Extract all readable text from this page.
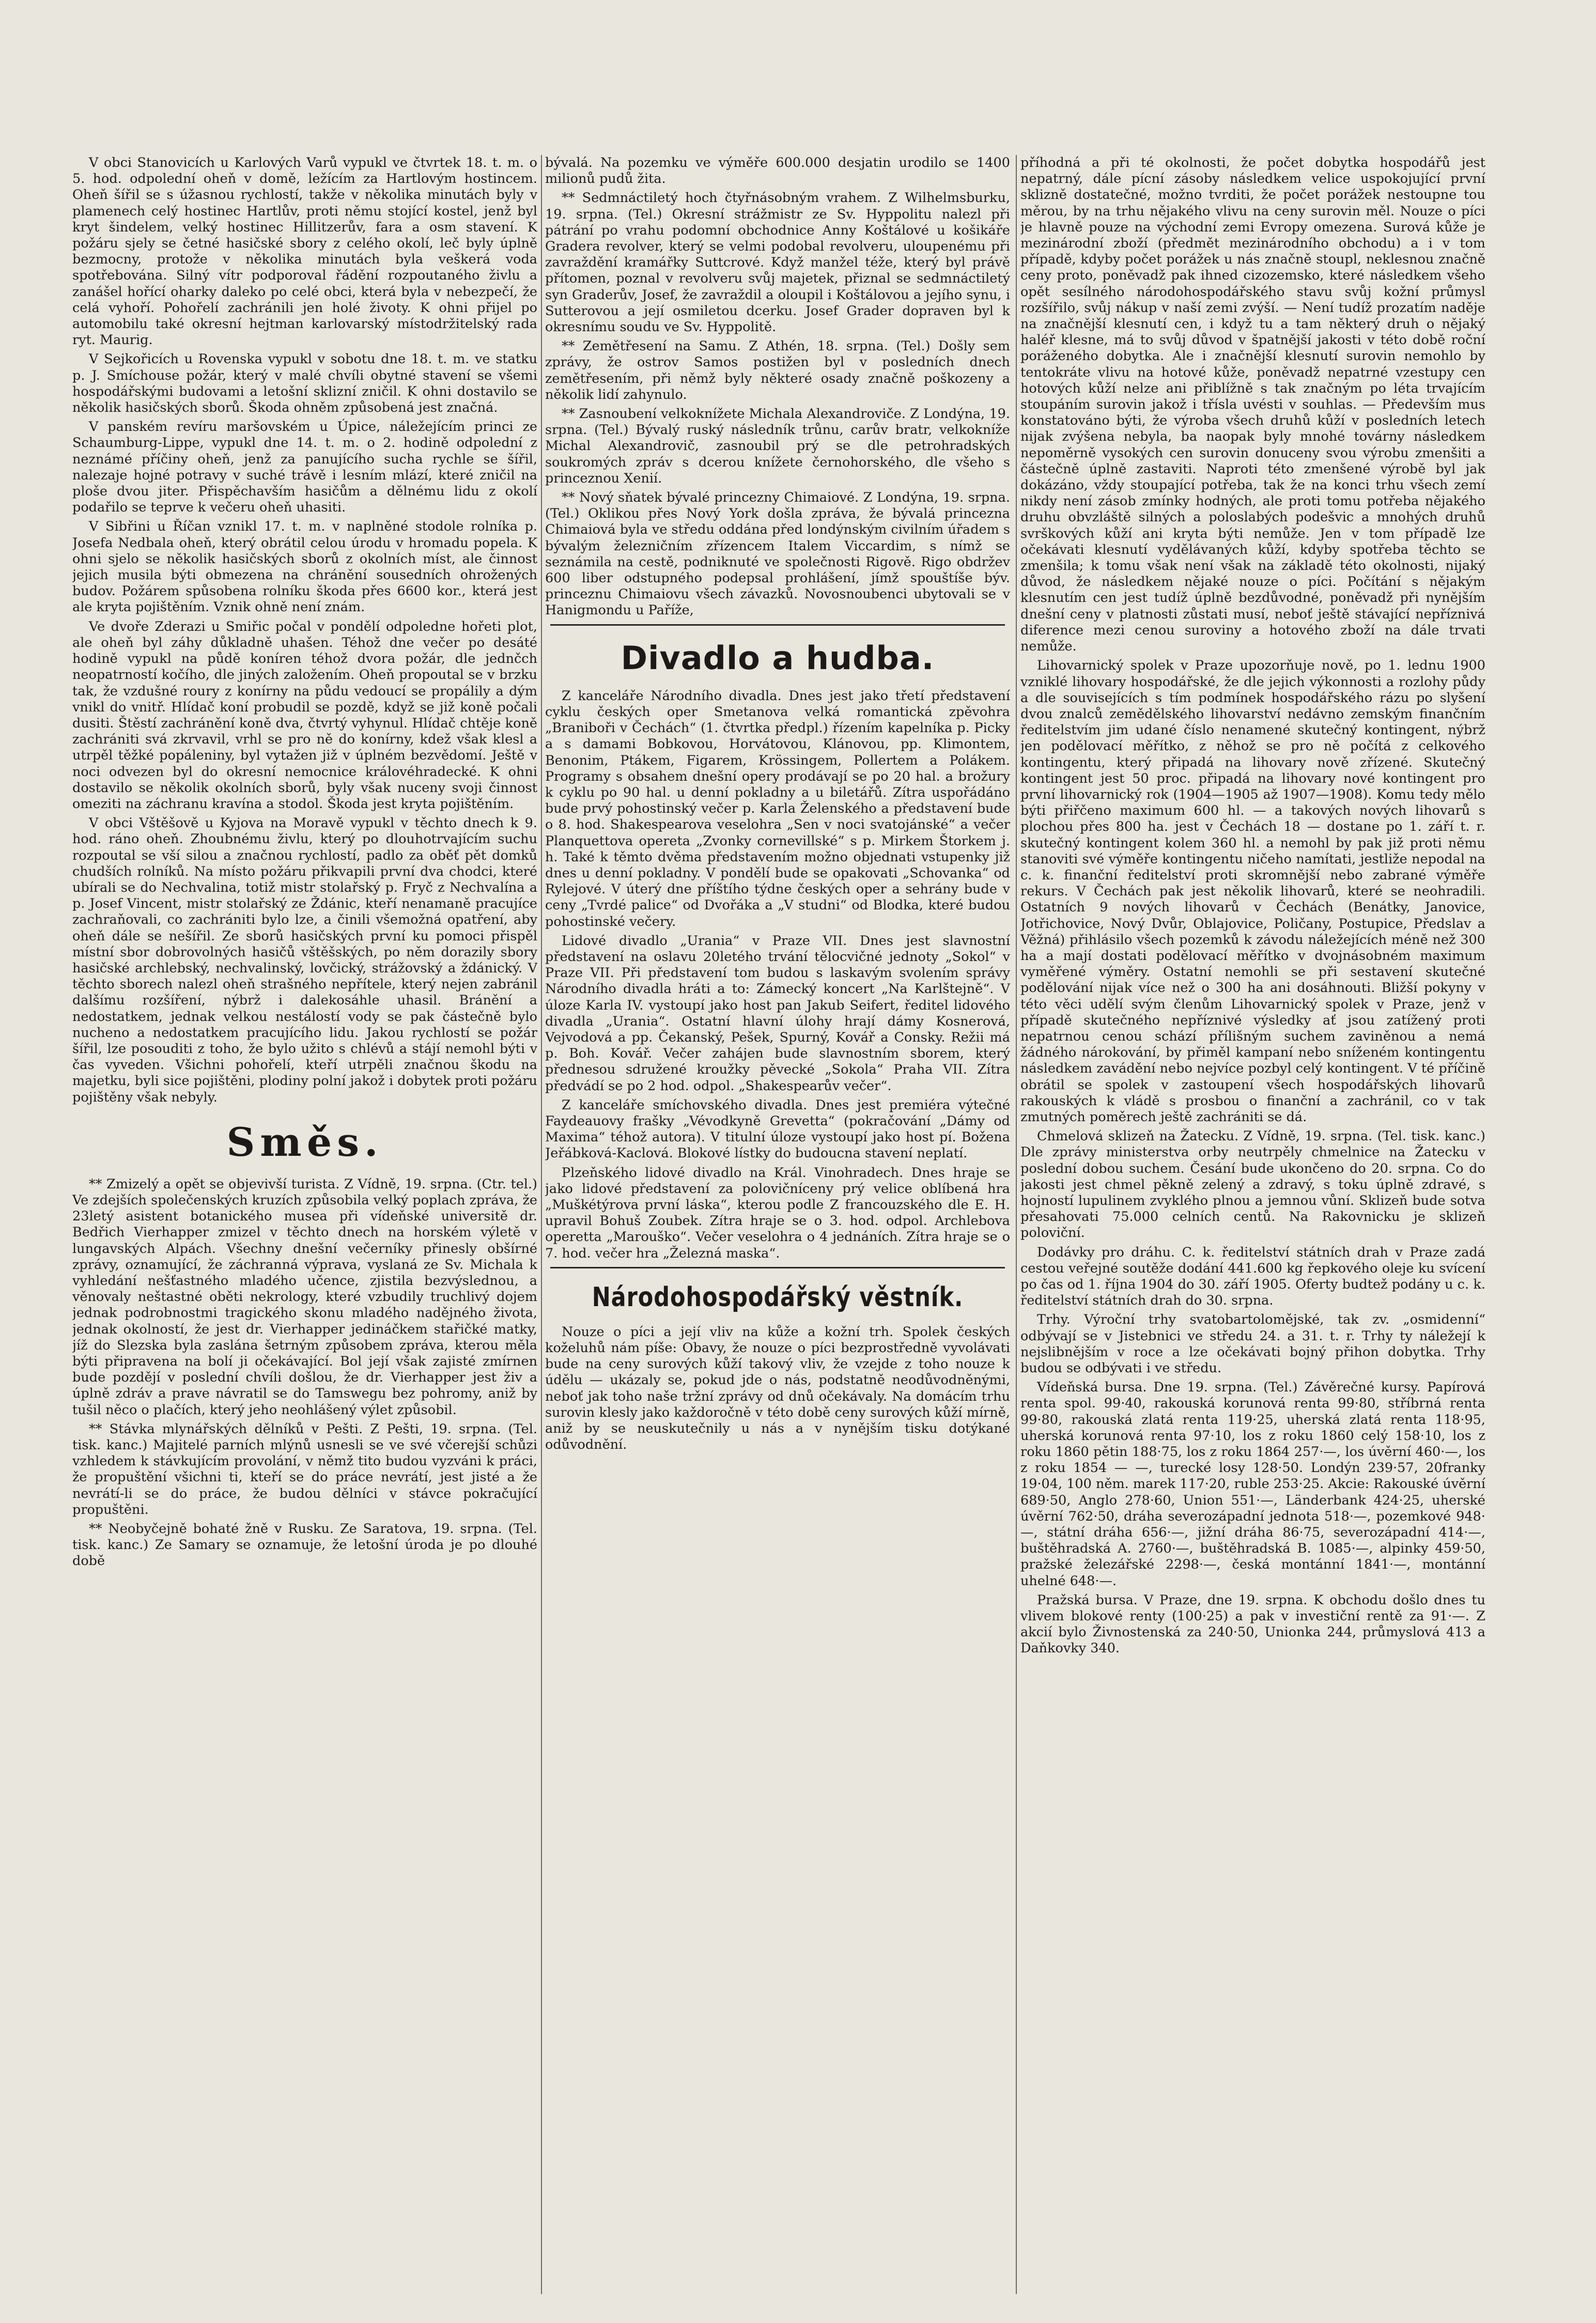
V obci Stanovicích u Karlových Varů vypukl ve čtvrtek 18. t. m. o 5. hod. odpolední oheň v domě, ležícím za Hartlovým hostincem. Oheň šířil se s úžasnou rychlostí, takže v několika minutách byly v plamenech celý hostinec Hartlův, proti němu stojící kostel, jenž byl kryt šindelem, velký hostinec Hillitzerův, fara a osm stavení. K požáru sjely se četné hasičské sbory z celého okolí, leč byly úplně bezmocny, protože v několika minutách byla veškerá voda spotřebována. Silný vítr podporoval řádění rozpoutaného živlu a zanášel hořící oharky daleko po celé obci, která byla v nebezpečí, že celá vyhoří. Pohořelí zachránili jen holé životy. K ohni přijel po automobilu také okresní hejtman karlovarský místodržitelský rada ryt. Maurig.

V Sejkořicích u Rovenska vypukl v sobotu dne 18. t. m. ve statku p. J. Smíchouse požár, který v malé chvíli obytné stavení se všemi hospodářskými budovami a letošní sklizní zničil. K ohni dostavilo se několik hasičských sborů. Škoda ohněm způsobená jest značná.

V panském revíru maršovském u Úpice, náležejícím princi ze Schaumburg-Lippe, vypukl dne 14. t. m. o 2. hodině odpolední z neznámé příčiny oheň, jenž za panujícího sucha rychle se šířil, nalezaje hojné potravy v suché trávě i lesním mlází, které zničil na ploše dvou jiter. Přispěchavším hasičům a dělnému lidu z okolí podařilo se teprve k večeru oheň uhasiti.

V Sibřini u Říčan vznikl 17. t. m. v naplněné stodole rolníka p. Josefa Nedbala oheň, který obrátil celou úrodu v hromadu popela. K ohni sjelo se několik hasičských sborů z okolních míst, ale činnost jejich musila býti obmezena na chránění sousedních ohrožených budov. Požárem spůsobena rolníku škoda přes 6600 kor., která jest ale kryta pojištěním. Vznik ohně není znám.

Ve dvoře Zderazi u Smiřic počal v pondělí odpoledne hořeti plot, ale oheň byl záhy důkladně uhašen. Téhož dne večer po desáté hodině vypukl na půdě koníren téhož dvora požár, dle jednčch neopatrností kočího, dle jiných založením. Oheň propoutal se v brzku tak, že vzdušné roury z konírny na půdu vedoucí se propálily a dým vnikl do vnitř. Hlídač koní probudil se pozdě, když se již koně počali dusiti. Štěstí zachránění koně dva, čtvrtý vyhynul. Hlídač chtěje koně zachrániti svá zkrvavil, vrhl se pro ně do konírny, kdež však klesl a utrpěl těžké popáleniny, byl vytažen již v úplném bezvědomí. Ještě v noci odvezen byl do okresní nemocnice královéhradecké. K ohni dostavilo se několik okolních sborů, byly však nuceny svoji činnost omeziti na záchranu kravína a stodol. Škoda jest kryta pojištěním.

V obci Vštěšově u Kyjova na Moravě vypukl v těchto dnech k 9. hod. ráno oheň. Zhoubnému živlu, který po dlouhotrvajícím suchu rozpoutal se vší silou a značnou rychlostí, padlo za oběť pět domků chudších rolníků. Na místo požáru přikvapili první dva chodci, které ubírali se do Nechvalina, totiž mistr stolařský p. Fryč z Nechvalína a p. Josef Vincent, mistr stolařský ze Ždánic, kteří nenamaně pracujíce zachraňovali, co zachrániti bylo lze, a činili všemožná opatření, aby oheň dále se nešířil. Ze sborů hasičských první ku pomoci přispěl místní sbor dobrovolných hasičů vštěšských, po něm dorazily sbory hasičské archlebský, nechvalinský, lovčický, strážovský a ždánický. V těchto sborech nalezl oheň strašného nepřítele, který nejen zabránil dalšímu rozšíření, nýbrž i dalekosáhle uhasil. Bránění a nedostatkem, jednak velkou nestálostí vody se pak částečně bylo nucheno a nedostatkem pracujícího lidu. Jakou rychlostí se požár šířil, lze posouditi z toho, že bylo užito s chlévů a stájí nemohl býti v čas vyveden. Všichni pohořelí, kteří utrpěli značnou škodu na majetku, byli sice pojištěni, plodiny polní jakož i dobytek proti požáru pojištěny však nebyly.

Směs.

** Zmizelý a opět se objevivší turista. Z Vídně, 19. srpna. (Ctr. tel.) Ve zdejších společenských kruzích způsobila velký poplach zpráva, že 23letý asistent botanického musea při vídeňské universitě dr. Bedřich Vierhapper zmizel v těchto dnech na horském výletě v lungavských Alpách. Všechny dnešní večerníky přinesly obšírné zprávy, oznamující, že záchranná výprava, vyslaná ze Sv. Michala k vyhledání nešťastného mladého učence, zjistila bezvýslednou, a věnovaly neštastné oběti nekrology, které vzbudily truchlivý dojem jednak podrobnostmi tragického skonu mladého nadějného života, jednak okolností, že jest dr. Vierhapper jedináčkem stařičké matky, jíž do Slezska byla zaslána šetrným způsobem zpráva, kterou měla býti připravena na bolí ji očekávající. Bol její však zajisté zmírnen bude pozdějí v poslední chvíli došlou, že dr. Vierhapper jest živ a úplně zdráv a prave návratil se do Tamswegu bez pohromy, aniž by tušil něco o plačích, který jeho neohlášený výlet způsobil.

** Stávka mlynářských dělníků v Pešti. Z Pešti, 19. srpna. (Tel. tisk. kanc.) Majitelé parních mlýnů usnesli se ve své včerejší schůzi vzhledem k stávkujícím provolání, v němž tito budou vyzváni k práci, že propuštění všichni ti, kteří se do práce nevrátí, jest jisté a že nevrátí-li se do práce, že budou dělníci v stávce pokračující propuštěni.

** Neobyčejně bohaté žně v Rusku. Ze Saratova, 19. srpna. (Tel. tisk. kanc.) Ze Samary se oznamuje, že letošní úroda je po dlouhé době

bývalá. Na pozemku ve výměře 600.000 desjatin urodilo se 1400 milionů pudů žita.

** Sedmnáctiletý hoch čtyřnásobným vrahem. Z Wilhelmsburku, 19. srpna. (Tel.) Okresní strážmistr ze Sv. Hyppolitu nalezl při pátrání po vrahu podomní obchodnice Anny Koštálové u košikáře Gradera revolver, který se velmi podobal revolveru, uloupenému při zavraždění kramářky Suttcrové. Když manžel téže, který byl právě přítomen, poznal v revolveru svůj majetek, přiznal se sedmnáctiletý syn Graderův, Josef, že zavraždil a oloupil i Koštálovou a jejího synu, i Sutterovou a její osmiletou dcerku. Josef Grader dopraven byl k okresnímu soudu ve Sv. Hyppolitě.

** Zemětřesení na Samu. Z Athén, 18. srpna. (Tel.) Došly sem zprávy, že ostrov Samos postižen byl v posledních dnech zemětřesením, při němž byly některé osady značně poškozeny a několik lidí zahynulo.

** Zasnoubení velkoknížete Michala Alexandroviče. Z Londýna, 19. srpna. (Tel.) Bývalý ruský následník trůnu, carův bratr, velkokníže Michal Alexandrovič, zasnoubil prý se dle petrohradských soukromých zpráv s dcerou knížete černohorského, dle všeho s princeznou Xenií.

** Nový sňatek bývalé princezny Chimaiové. Z Londýna, 19. srpna. (Tel.) Oklikou přes Nový York došla zpráva, že bývalá princezna Chimaiová byla ve středu oddána před londýnským civilním úřadem s bývalým železničním zřízencem Italem Viccardim, s nímž se seznámila na cestě, podniknuté ve společnosti Rigově. Rigo obdržev 600 liber odstupného podepsal prohlášení, jímž spouštíše býv. princeznu Chimaiovu všech závazků. Novosnoubenci ubytovali se v Hanigmondu u Paříže,

Divadlo a hudba.

Z kanceláře Národního divadla. Dnes jest jako třetí představení cyklu českých oper Smetanova velká romantická zpěvohra „Braniboři v Čechách“ (1. čtvrtka předpl.) řízením kapelníka p. Picky a s damami Bobkovou, Horvátovou, Klánovou, pp. Klimontem, Benonim, Ptákem, Figarem, Krössingem, Pollertem a Polákem. Programy s obsahem dnešní opery prodávají se po 20 hal. a brožury k cyklu po 90 hal. u denní pokladny a u biletářů. Zítra uspořádáno bude prvý pohostinský večer p. Karla Želenského a představení bude o 8. hod. Shakespearova veselohra „Sen v noci svatojánské“ a večer Planquettova opereta „Zvonky cornevillské“ s p. Mirkem Štorkem j. h. Také k těmto dvěma představením možno objednati vstupenky již dnes u denní pokladny. V pondělí bude se opakovati „Schovanka“ od Rylejové. V úterý dne příštího týdne českých oper a sehrány bude v ceny „Tvrdé palice“ od Dvořáka a „V studni“ od Blodka, které budou pohostinské večery.

Lidové divadlo „Urania“ v Praze VII. Dnes jest slavnostní představení na oslavu 20letého trvání tělocvičné jednoty „Sokol“ v Praze VII. Při představení tom budou s laskavým svolením správy Národního divadla hráti a to: Zámecký koncert „Na Karlštejně“. V úloze Karla IV. vystoupí jako host pan Jakub Seifert, ředitel lidového divadla „Urania“. Ostatní hlavní úlohy hrají dámy Kosnerová, Vejvodová a pp. Čekanský, Pešek, Spurný, Kovář a Consky. Režii má p. Boh. Kovář. Večer zahájen bude slavnostním sborem, který přednesou sdružené kroužky pěvecké „Sokola“ Praha VII. Zítra předvádí se po 2 hod. odpol. „Shakespearův večer“.

Z kanceláře smíchovského divadla. Dnes jest premiéra výtečné Faydeauovy frašky „Vévodkyně Grevetta“ (pokračování „Dámy od Maxima“ téhož autora). V titulní úloze vystoupí jako host pí. Božena Jeřábková-Kaclová. Blokové lístky do budoucna stavení neplatí.

Plzeňského lidové divadlo na Král. Vinohradech. Dnes hraje se jako lidové představení za polovičníceny prý velice oblíbená hra „Muškétýrova první láska“, kterou podle Z francouzského dle E. H. upravil Bohuš Zoubek. Zítra hraje se o 3. hod. odpol. Archlebova operetta „Marouško“. Večer veselohra o 4 jednáních. Zítra hraje se o 7. hod. večer hra „Železná maska“.

Národohospodářský věstník.

Nouze o píci a její vliv na kůže a kožní trh. Spolek českých koželuhů nám píše: Obavy, že nouze o píci bezprostředně vyvolávati bude na ceny surových kůží takový vliv, že vzejde z toho nouze k údělu — ukázaly se, pokud jde o nás, podstatně neodůvodněnými, neboť jak toho naše tržní zprávy od dnů očekávaly. Na domácím trhu surovin klesly jako každoročně v této době ceny surových kůží mírně, aniž by se neuskutečnily u nás a v nynějším tisku dotýkané odůvodnění.

příhodná a při té okolnosti, že počet dobytka hospodářů jest nepatrný, dále pícní zásoby následkem velice uspokojující první sklizně dostatečné, možno tvrditi, že počet porážek nestoupne tou měrou, by na trhu nějakého vlivu na ceny surovin měl. Nouze o píci je hlavně pouze na východní zemi Evropy omezena. Surová kůže je mezinárodní zboží (předmět mezinárodního obchodu) a i v tom případě, kdyby počet porážek u nás značně stoupl, neklesnou značně ceny proto, poněvadž pak ihned cizozemsko, které následkem všeho opět sesílného národohospodářského stavu svůj kožní průmysl rozšířilo, svůj nákup v naší zemi zvýší. — Není tudíž prozatím naděje na značnější klesnutí cen, i když tu a tam některý druh o nějaký haléř klesne, má to svůj důvod v špatnější jakosti v této době roční poráženého dobytka. Ale i značnější klesnutí surovin nemohlo by tentokráte vlivu na hotové kůže, poněvadž nepatrné vzestupy cen hotových kůží nelze ani přiblížně s tak značným po léta trvajícím stoupáním surovin jakož i třísla uvésti v souhlas. — Především mus konstatováno býti, že výroba všech druhů kůží v posledních letech nijak zvýšena nebyla, ba naopak byly mnohé továrny následkem nepoměrně vysokých cen surovin donuceny svou výrobu zmenšiti a částečně úplně zastaviti. Naproti této zmenšené výrobě byl jak dokázáno, vždy stoupající potřeba, tak že na konci trhu všech zemí nikdy není zásob zmínky hodných, ale proti tomu potřeba nějakého druhu obvzláště silných a poloslabých podešvic a mnohých druhů svrškových kůží ani kryta býti nemůže. Jen v tom případě lze očekávati klesnutí vydělávaných kůží, kdyby spotřeba těchto se zmenšila; k tomu však není však na základě této okolnosti, nijaký důvod, že následkem nějaké nouze o píci. Počítání s nějakým klesnutím cen jest tudíž úplně bezdůvodné, poněvadž při nynějším dnešní ceny v platnosti zůstati musí, neboť ještě stávající nepříznivá diference mezi cenou suroviny a hotového zboží na dále trvati nemůže.

Lihovarnický spolek v Praze upozorňuje nově, po 1. lednu 1900 vzniklé lihovary hospodářské, že dle jejich výkonnosti a rozlohy půdy a dle souvisejících s tím podmínek hospodářského rázu po slyšení dvou znalců zemědělského lihovarství nedávno zemským finančním ředitelstvím jim udané číslo nenamené skutečný kontingent, nýbrž jen podělovací měřítko, z něhož se pro ně počítá z celkového kontingentu, který připadá na lihovary nově zřízené. Skutečný kontingent jest 50 proc. připadá na lihovary nové kontingent pro první lihovarnický rok (1904—1905 až 1907—1908). Komu tedy mělo býti přiřčeno maximum 600 hl. — a takových nových lihovarů s plochou přes 800 ha. jest v Čechách 18 — dostane po 1. září t. r. skutečný kontingent kolem 360 hl. a nemohl by pak již proti němu stanoviti své výměře kontingentu ničeho namítati, jestliže nepodal na c. k. finanční ředitelství proti skromnější nebo zabrané výměře rekurs. V Čechách pak jest několik lihovarů, které se neohradili. Ostatních 9 nových lihovarů v Čechách (Benátky, Janovice, Jotřichovice, Nový Dvůr, Oblajovice, Poličany, Postupice, Předslav a Věžná) přihlásilo všech pozemků k závodu náležejících méně než 300 ha a mají dostati podělovací měřítko v dvojnásobném maximum vyměřené výměry. Ostatní nemohli se při sestavení skutečné podělování nijak více než o 300 ha ani dosáhnouti. Bližší pokyny v této věci udělí svým členům Lihovarnický spolek v Praze, jenž v případě skutečného nepříznivé výsledky ať jsou zatížený proti nepatrnou cenou schází přílišným suchem zaviněnou a nemá žádného nárokování, by přiměl kampaní nebo sníženém kontingentu následkem zavádění nebo nejvíce pozbyl celý kontingent. V té příčině obrátil se spolek v zastoupení všech hospodářských lihovarů rakouských k vládě s prosbou o finanční a zachránil, co v tak zmutných poměrech ještě zachrániti se dá.

Chmelová sklizeň na Žatecku. Z Vídně, 19. srpna. (Tel. tisk. kanc.) Dle zprávy ministerstva orby neutrpěly chmelnice na Žatecku v poslední dobou suchem. Česání bude ukončeno do 20. srpna. Co do jakosti jest chmel pěkně zelený a zdravý, s toku úplně zdravé, s hojností lupulinem zvyklého plnou a jemnou vůní. Sklizeň bude sotva přesahovati 75.000 celních centů. Na Rakovnicku je sklizeň poloviční.

Dodávky pro dráhu. C. k. ředitelství státních drah v Praze zadá cestou veřejné soutěže dodání 441.600 kg řepkového oleje ku svícení po čas od 1. října 1904 do 30. září 1905. Oferty budtež podány u c. k. ředitelství státních drah do 30. srpna.

Trhy. Výroční trhy svatobartolomějské, tak zv. „osmidenní“ odbývají se v Jistebnici ve středu 24. a 31. t. r. Trhy ty náležejí k nejslibnějším v roce a lze očekávati bojný přihon dobytka. Trhy budou se odbývati i ve středu.

Vídeňská bursa. Dne 19. srpna. (Tel.) Závěrečné kursy. Papírová renta spol. 99·40, rakouská korunová renta 99·80, stříbrná renta 99·80, rakouská zlatá renta 119·25, uherská zlatá renta 118·95, uherská korunová renta 97·10, los z roku 1860 celý 158·10, los z roku 1860 pětin 188·75, los z roku 1864 257·—, los úvěrní 460·—, los z roku 1854 — —, turecké losy 128·50. Londýn 239·57, 20franky 19·04, 100 něm. marek 117·20, ruble 253·25. Akcie: Rakouské úvěrní 689·50, Anglo 278·60, Union 551·—, Länderbank 424·25, uherské úvěrní 762·50, dráha severozápadní jednota 518·—, pozemkové 948·—, státní dráha 656·—, jižní dráha 86·75, severozápadní 414·—, buštěhradská A. 2760·—, buštěhradská B. 1085·—, alpinky 459·50, pražské železářské 2298·—, česká montánní 1841·—, montánní uhelné 648·—.

Pražská bursa. V Praze, dne 19. srpna. K obchodu došlo dnes tu vlivem blokové renty (100·25) a pak v investiční rentě za 91·—. Z akcií bylo Živnostenská za 240·50, Unionka 244, průmyslová 413 a Daňkovky 340.
